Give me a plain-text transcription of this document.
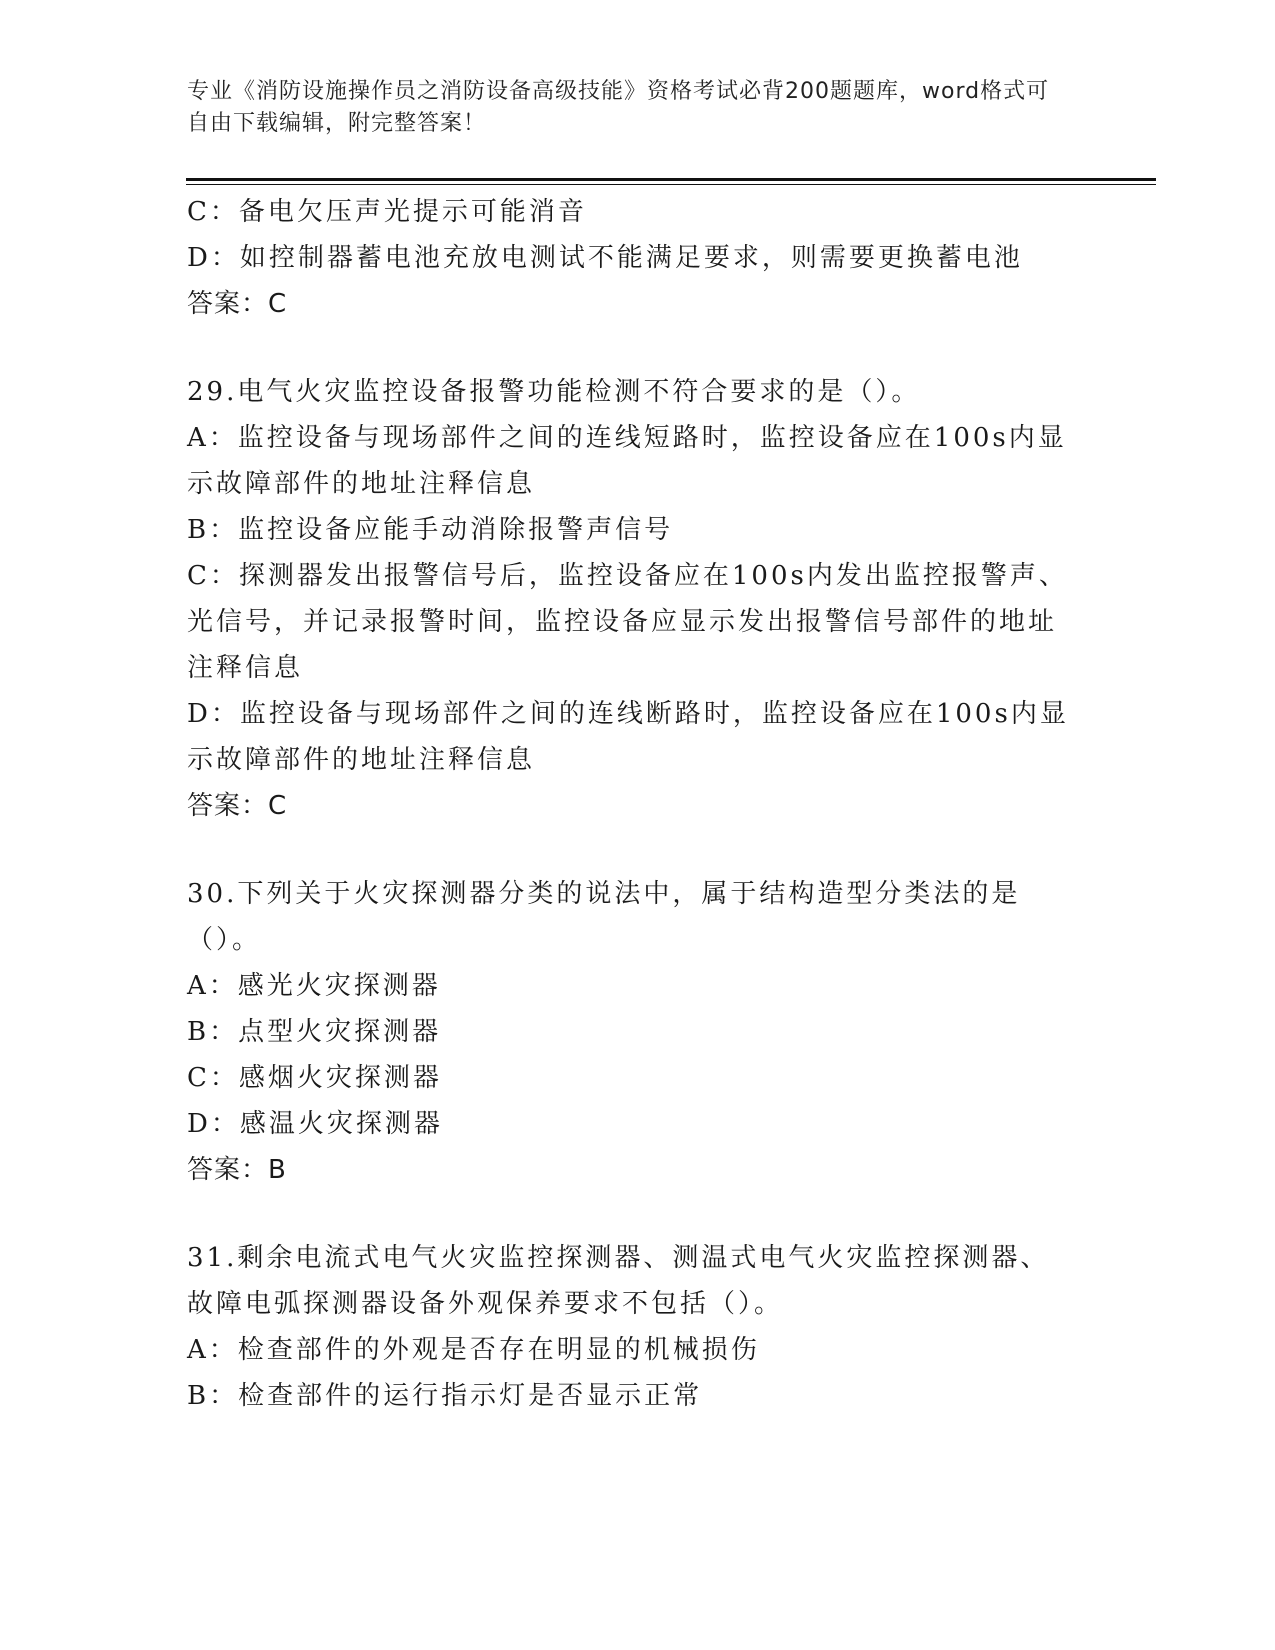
专业《消防设施操作员之消防设备高级技能》资格考试必背200题题库，word格式可自由下载编辑，附完整答案！

C：备电欠压声光提示可能消音

D：如控制器蓄电池充放电测试不能满足要求，则需要更换蓄电池

答案：C

29.电气火灾监控设备报警功能检测不符合要求的是（）。

A：监控设备与现场部件之间的连线短路时，监控设备应在100s内显示故障部件的地址注释信息

B：监控设备应能手动消除报警声信号

C：探测器发出报警信号后，监控设备应在100s内发出监控报警声、光信号，并记录报警时间，监控设备应显示发出报警信号部件的地址注释信息

D：监控设备与现场部件之间的连线断路时，监控设备应在100s内显示故障部件的地址注释信息

答案：C

30.下列关于火灾探测器分类的说法中，属于结构造型分类法的是（）。

A：感光火灾探测器

B：点型火灾探测器

C：感烟火灾探测器

D：感温火灾探测器

答案：B

31.剩余电流式电气火灾监控探测器、测温式电气火灾监控探测器、故障电弧探测器设备外观保养要求不包括（）。

A：检查部件的外观是否存在明显的机械损伤

B：检查部件的运行指示灯是否显示正常
